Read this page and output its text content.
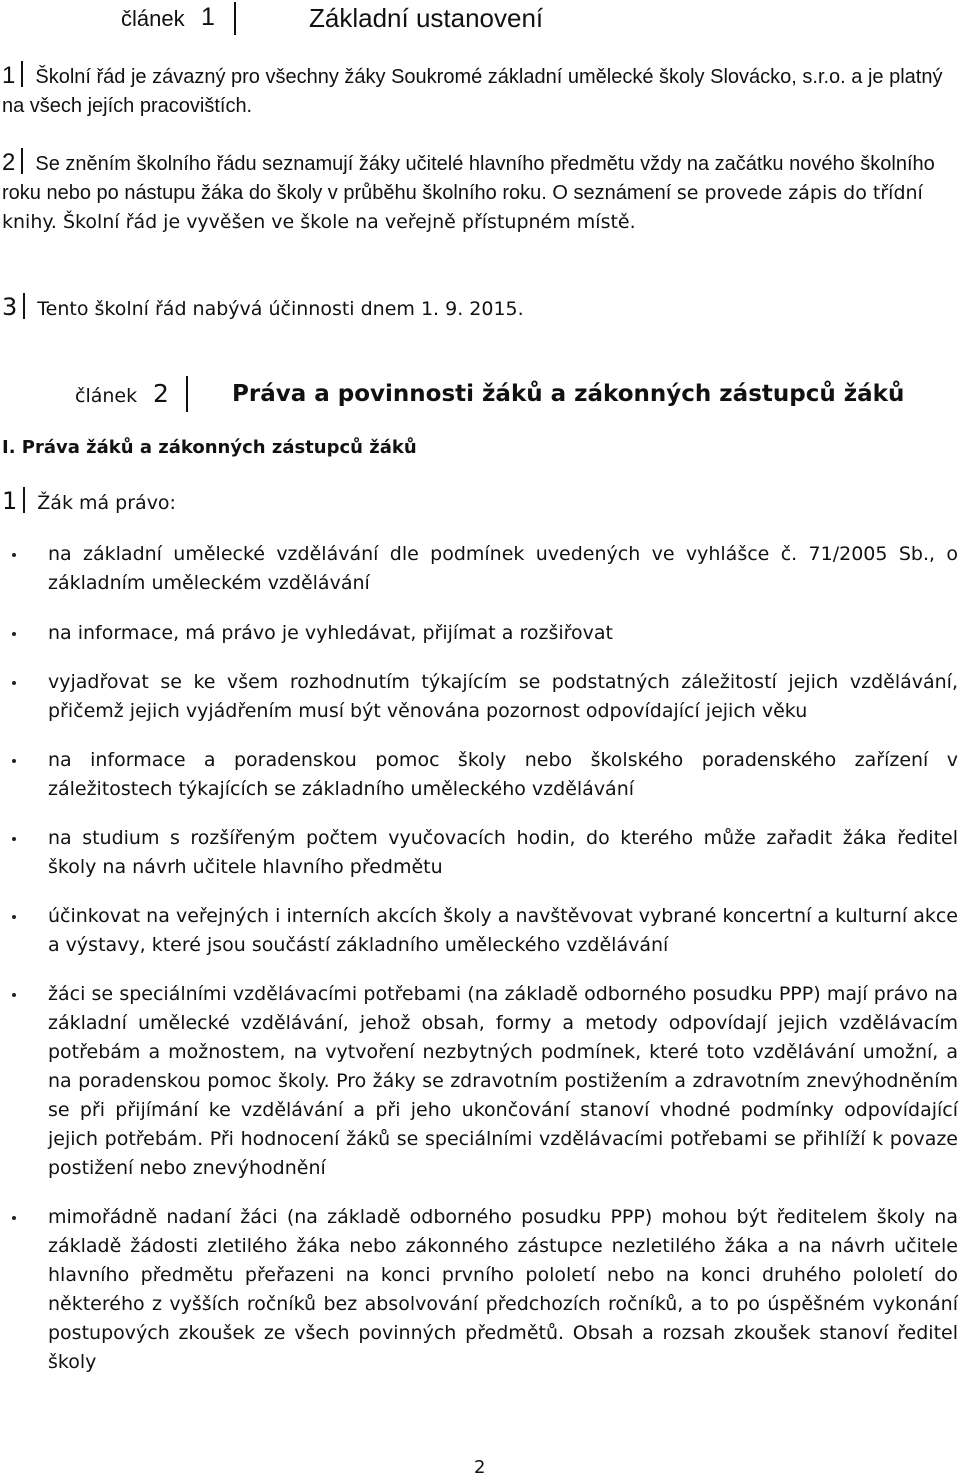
článek 1	Základní ustanovení
1 Školní řád je závazný pro všechny žáky Soukromé základní umělecké školy Slovácko, s.r.o. a je platný na všech jejích pracovištích.
2 Se zněním školního řádu seznamují žáky učitelé hlavního předmětu vždy na začátku nového školního roku nebo po nástupu žáka do školy v průběhu školního roku. O seznámení se provede zápis do třídní knihy. Školní řád je vyvěšen ve škole na veřejně přístupném místě.
3 Tento školní řád nabývá účinnosti dnem 1. 9. 2015.
článek 2	Práva a povinnosti žáků a zákonných zástupců žáků
I. Práva žáků a zákonných zástupců žáků
1 Žák má právo:
na základní umělecké vzdělávání dle podmínek uvedených ve vyhlášce č. 71/2005 Sb., o základním uměleckém vzdělávání
na informace, má právo je vyhledávat, přijímat a rozšiřovat
vyjadřovat se ke všem rozhodnutím týkajícím se podstatných záležitostí jejich vzdělávání, přičemž jejich vyjádřením musí být věnována pozornost odpovídající jejich věku
na informace a poradenskou pomoc školy nebo školského poradenského zařízení v záležitostech týkajících se základního uměleckého vzdělávání
na studium s rozšířeným počtem vyučovacích hodin, do kterého může zařadit žáka ředitel školy na návrh učitele hlavního předmětu
účinkovat na veřejných i interních akcích školy a navštěvovat vybrané koncertní a kulturní akce a výstavy, které jsou součástí základního uměleckého vzdělávání
žáci se speciálními vzdělávacími potřebami (na základě odborného posudku PPP) mají právo na základní umělecké vzdělávání, jehož obsah, formy a metody odpovídají jejich vzdělávacím potřebám a možnostem, na vytvoření nezbytných podmínek, které toto vzdělávání umožní, a na poradenskou pomoc školy. Pro žáky se zdravotním postižením a zdravotním znevýhodněním se při přijímání ke vzdělávání a při jeho ukončování stanoví vhodné podmínky odpovídající jejich potřebám. Při hodnocení žáků se speciálními vzdělávacími potřebami se přihlíží k povaze postižení nebo znevýhodnění
mimořádně nadaní žáci (na základě odborného posudku PPP) mohou být ředitelem školy na základě žádosti zletilého žáka nebo zákonného zástupce nezletilého žáka a na návrh učitele hlavního předmětu přeřazeni na konci prvního pololetí nebo na konci druhého pololetí do některého z vyšších ročníků bez absolvování předchozích ročníků, a to po úspěšném vykonání postupových zkoušek ze všech povinných předmětů. Obsah a rozsah zkoušek stanoví ředitel školy
2
